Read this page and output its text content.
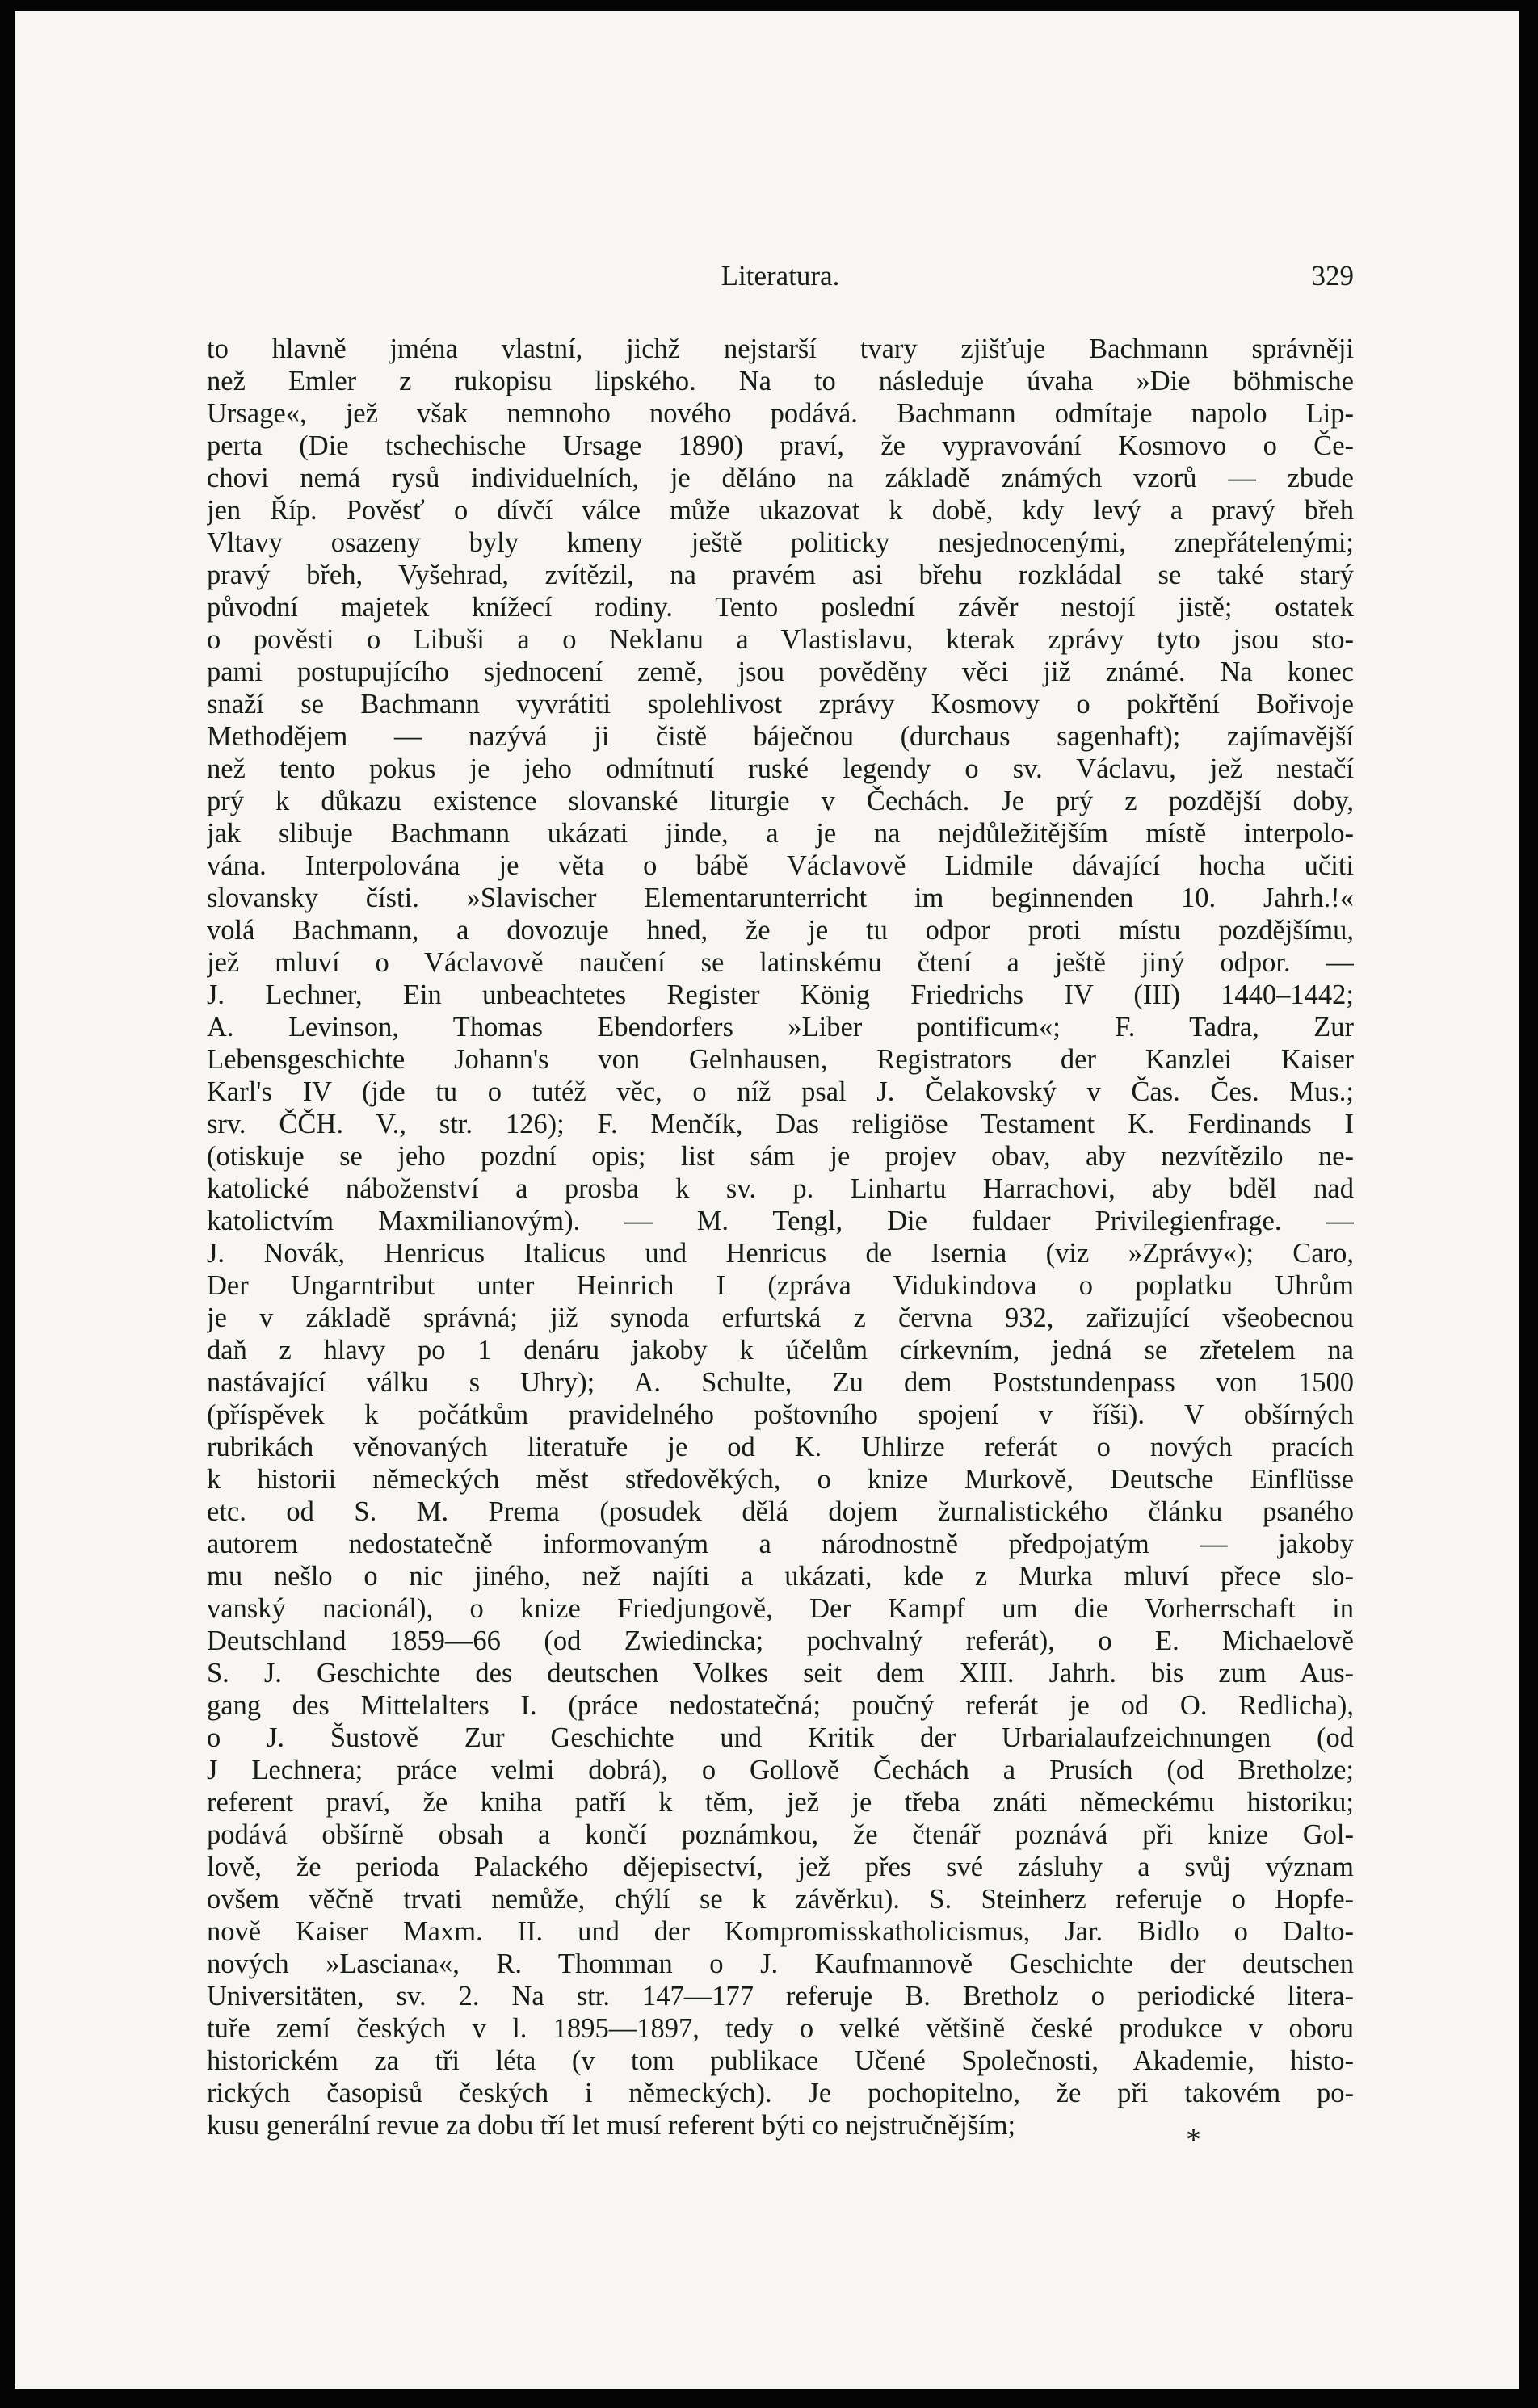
Literatura.	329
to hlavně jména vlastní, jichž nejstarší tvary zjišťuje Bachmann správněji
než Emler z rukopisu lipského. Na to následuje úvaha »Die böhmische
Ursage«, jež však nemnoho nového podává. Bachmann odmítaje napolo Lip-
perta (Die tschechische Ursage 1890) praví, že vypravování Kosmovo o Če-
chovi nemá rysů individuelních, je děláno na základě známých vzorů — zbude
jen Říp. Pověsť o dívčí válce může ukazovat k době, kdy levý a pravý břeh
Vltavy osazeny byly kmeny ještě politicky nesjednocenými, znepřátelenými;
pravý břeh, Vyšehrad, zvítězil, na pravém asi břehu rozkládal se také starý
původní majetek knížecí rodiny. Tento poslední závěr nestojí jistě; ostatek
o pověsti o Libuši a o Neklanu a Vlastislavu, kterak zprávy tyto jsou sto-
pami postupujícího sjednocení země, jsou pověděny věci již známé. Na konec
snaží se Bachmann vyvrátiti spolehlivost zprávy Kosmovy o pokřtění Bořivoje
Methodějem — nazývá ji čistě báječnou (durchaus sagenhaft); zajímavější
než tento pokus je jeho odmítnutí ruské legendy o sv. Václavu, jež nestačí
prý k důkazu existence slovanské liturgie v Čechách. Je prý z pozdější doby,
jak slibuje Bachmann ukázati jinde, a je na nejdůležitějším místě interpolo-
vána. Interpolována je věta o bábě Václavově Lidmile dávající hocha učiti
slovansky čísti. »Slavischer Elementarunterricht im beginnenden 10. Jahrh.!«
volá Bachmann, a dovozuje hned, že je tu odpor proti místu pozdějšímu,
jež mluví o Václavově naučení se latinskému čtení a ještě jiný odpor. —
J. Lechner, Ein unbeachtetes Register König Friedrichs IV (III) 1440–1442;
A. Levinson, Thomas Ebendorfers »Liber pontificum«; F. Tadra, Zur
Lebensgeschichte Johann's von Gelnhausen, Registrators der Kanzlei Kaiser
Karl's IV (jde tu o tutéž věc, o níž psal J. Čelakovský v Čas. Čes. Mus.;
srv. ČČH. V., str. 126); F. Menčík, Das religiöse Testament K. Ferdinands I
(otiskuje se jeho pozdní opis; list sám je projev obav, aby nezvítězilo ne-
katolické náboženství a prosba k sv. p. Linhartu Harrachovi, aby bděl nad
katolictvím Maxmilianovým). — M. Tengl, Die fuldaer Privilegienfrage. —
J. Novák, Henricus Italicus und Henricus de Isernia (viz »Zprávy«); Caro,
Der Ungarntribut unter Heinrich I (zpráva Vidukindova o poplatku Uhrům
je v základě správná; již synoda erfurtská z června 932, zařizující všeobecnou
daň z hlavy po 1 denáru jakoby k účelům církevním, jedná se zřetelem na
nastávající válku s Uhry); A. Schulte, Zu dem Poststundenpass von 1500
(příspěvek k počátkům pravidelného poštovního spojení v říši). V obšírných
rubrikách věnovaných literatuře je od K. Uhlirze referát o nových pracích
k historii německých měst středověkých, o knize Murkově, Deutsche Einflüsse
etc. od S. M. Prema (posudek dělá dojem žurnalistického článku psaného
autorem nedostatečně informovaným a národnostně předpojatým — jakoby
mu nešlo o nic jiného, než najíti a ukázati, kde z Murka mluví přece slo-
vanský nacionál), o knize Friedjungově, Der Kampf um die Vorherrschaft in
Deutschland 1859—66 (od Zwiedincka; pochvalný referát), o E. Michaelově
S. J. Geschichte des deutschen Volkes seit dem XIII. Jahrh. bis zum Aus-
gang des Mittelalters I. (práce nedostatečná; poučný referát je od O. Redlicha),
o J. Šustově Zur Geschichte und Kritik der Urbarialaufzeichnungen (od
J Lechnera; práce velmi dobrá), o Gollově Čechách a Prusích (od Bretholze;
referent praví, že kniha patří k těm, jež je třeba znáti německému historiku;
podává obšírně obsah a končí poznámkou, že čtenář poznává při knize Gol-
lově, že perioda Palackého dějepisectví, jež přes své zásluhy a svůj význam
ovšem věčně trvati nemůže, chýlí se k závěrku). S. Steinherz referuje o Hopfe-
nově Kaiser Maxm. II. und der Kompromisskatholicismus, Jar. Bidlo o Dalto-
nových »Lasciana«, R. Thomman o J. Kaufmannově Geschichte der deutschen
Universitäten, sv. 2. Na str. 147—177 referuje B. Bretholz o periodické litera-
tuře zemí českých v l. 1895—1897, tedy o velké většině české produkce v oboru
historickém za tři léta (v tom publikace Učené Společnosti, Akademie, histo-
rických časopisů českých i německých). Je pochopitelno, že při takovém po-
kusu generální revue za dobu tří let musí referent býti co nejstručnějším;	*
